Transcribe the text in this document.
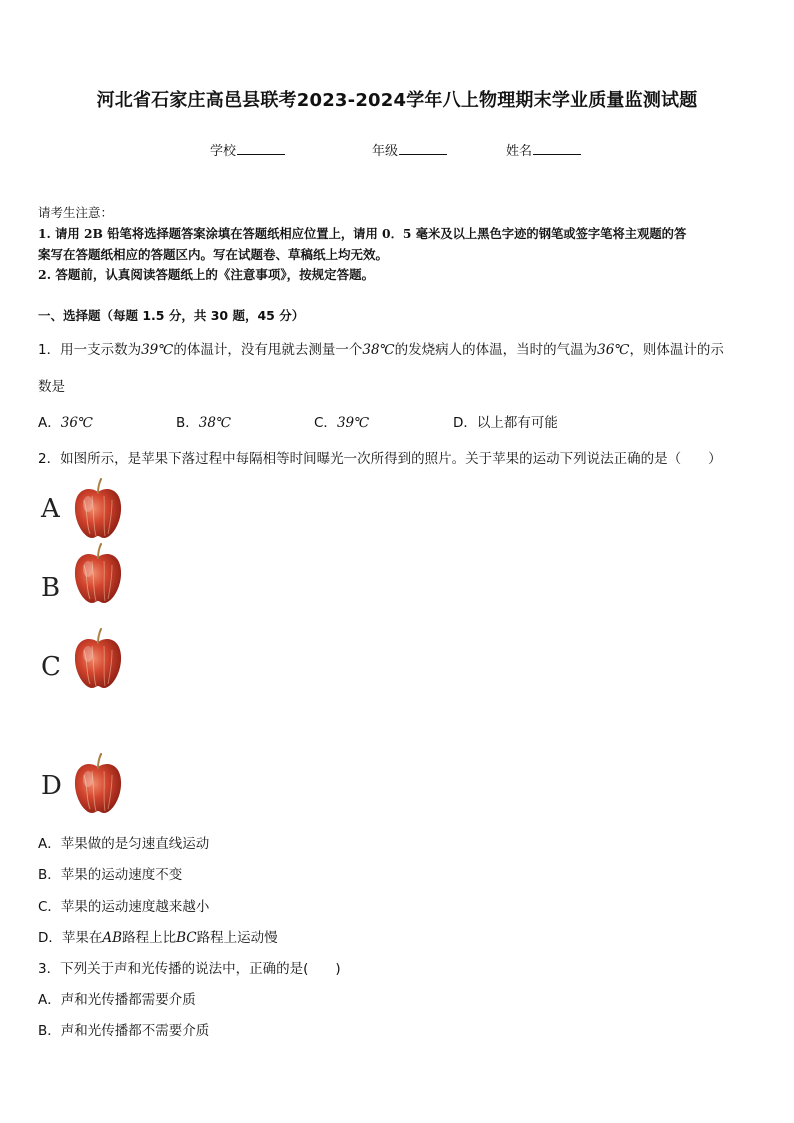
河北省石家庄高邑县联考2023-2024学年八上物理期末学业质量监测试题
学校	年级	姓名
请考生注意：
1. 请用 2B 铅笔将选择题答案涂填在答题纸相应位置上，请用 0．5 毫米及以上黑色字迹的钢笔或签字笔将主观题的答
案写在答题纸相应的答题区内。写在试题卷、草稿纸上均无效。
2. 答题前，认真阅读答题纸上的《注意事项》，按规定答题。
一、选择题（每题 1.5 分，共 30 题，45 分）
1．用一支示数为39℃的体温计，没有甩就去测量一个38℃的发烧病人的体温，当时的气温为36℃，则体温计的示
数是
A．36℃	B．38℃	C．39℃	D．以上都有可能
2．如图所示，是苹果下落过程中每隔相等时间曝光一次所得到的照片。关于苹果的运动下列说法正确的是（　　）
A
B
C
D
A．苹果做的是匀速直线运动
B．苹果的运动速度不变
C．苹果的运动速度越来越小
D．苹果在AB路程上比BC路程上运动慢
3．下列关于声和光传播的说法中，正确的是(　　)
A．声和光传播都需要介质
B．声和光传播都不需要介质
